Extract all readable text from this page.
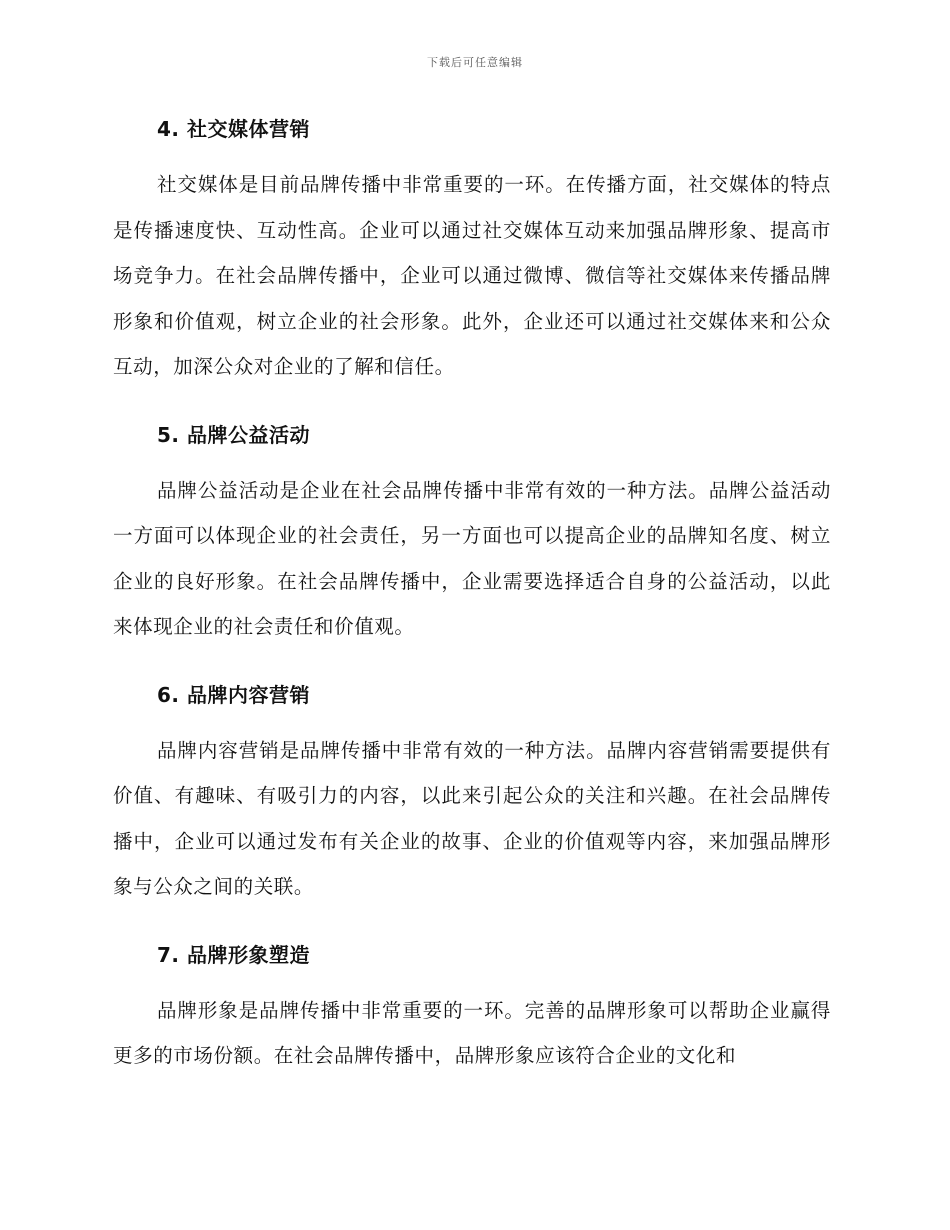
下载后可任意编辑
4. 社交媒体营销

社交媒体是目前品牌传播中非常重要的一环。在传播方面，社交媒体的特点是传播速度快、互动性高。企业可以通过社交媒体互动来加强品牌形象、提高市场竞争力。在社会品牌传播中，企业可以通过微博、微信等社交媒体来传播品牌形象和价值观，树立企业的社会形象。此外，企业还可以通过社交媒体来和公众互动，加深公众对企业的了解和信任。

5. 品牌公益活动

品牌公益活动是企业在社会品牌传播中非常有效的一种方法。品牌公益活动一方面可以体现企业的社会责任，另一方面也可以提高企业的品牌知名度、树立企业的良好形象。在社会品牌传播中，企业需要选择适合自身的公益活动，以此来体现企业的社会责任和价值观。

6. 品牌内容营销

品牌内容营销是品牌传播中非常有效的一种方法。品牌内容营销需要提供有价值、有趣味、有吸引力的内容，以此来引起公众的关注和兴趣。在社会品牌传播中，企业可以通过发布有关企业的故事、企业的价值观等内容，来加强品牌形象与公众之间的关联。

7. 品牌形象塑造

品牌形象是品牌传播中非常重要的一环。完善的品牌形象可以帮助企业赢得更多的市场份额。在社会品牌传播中，品牌形象应该符合企业的文化和
